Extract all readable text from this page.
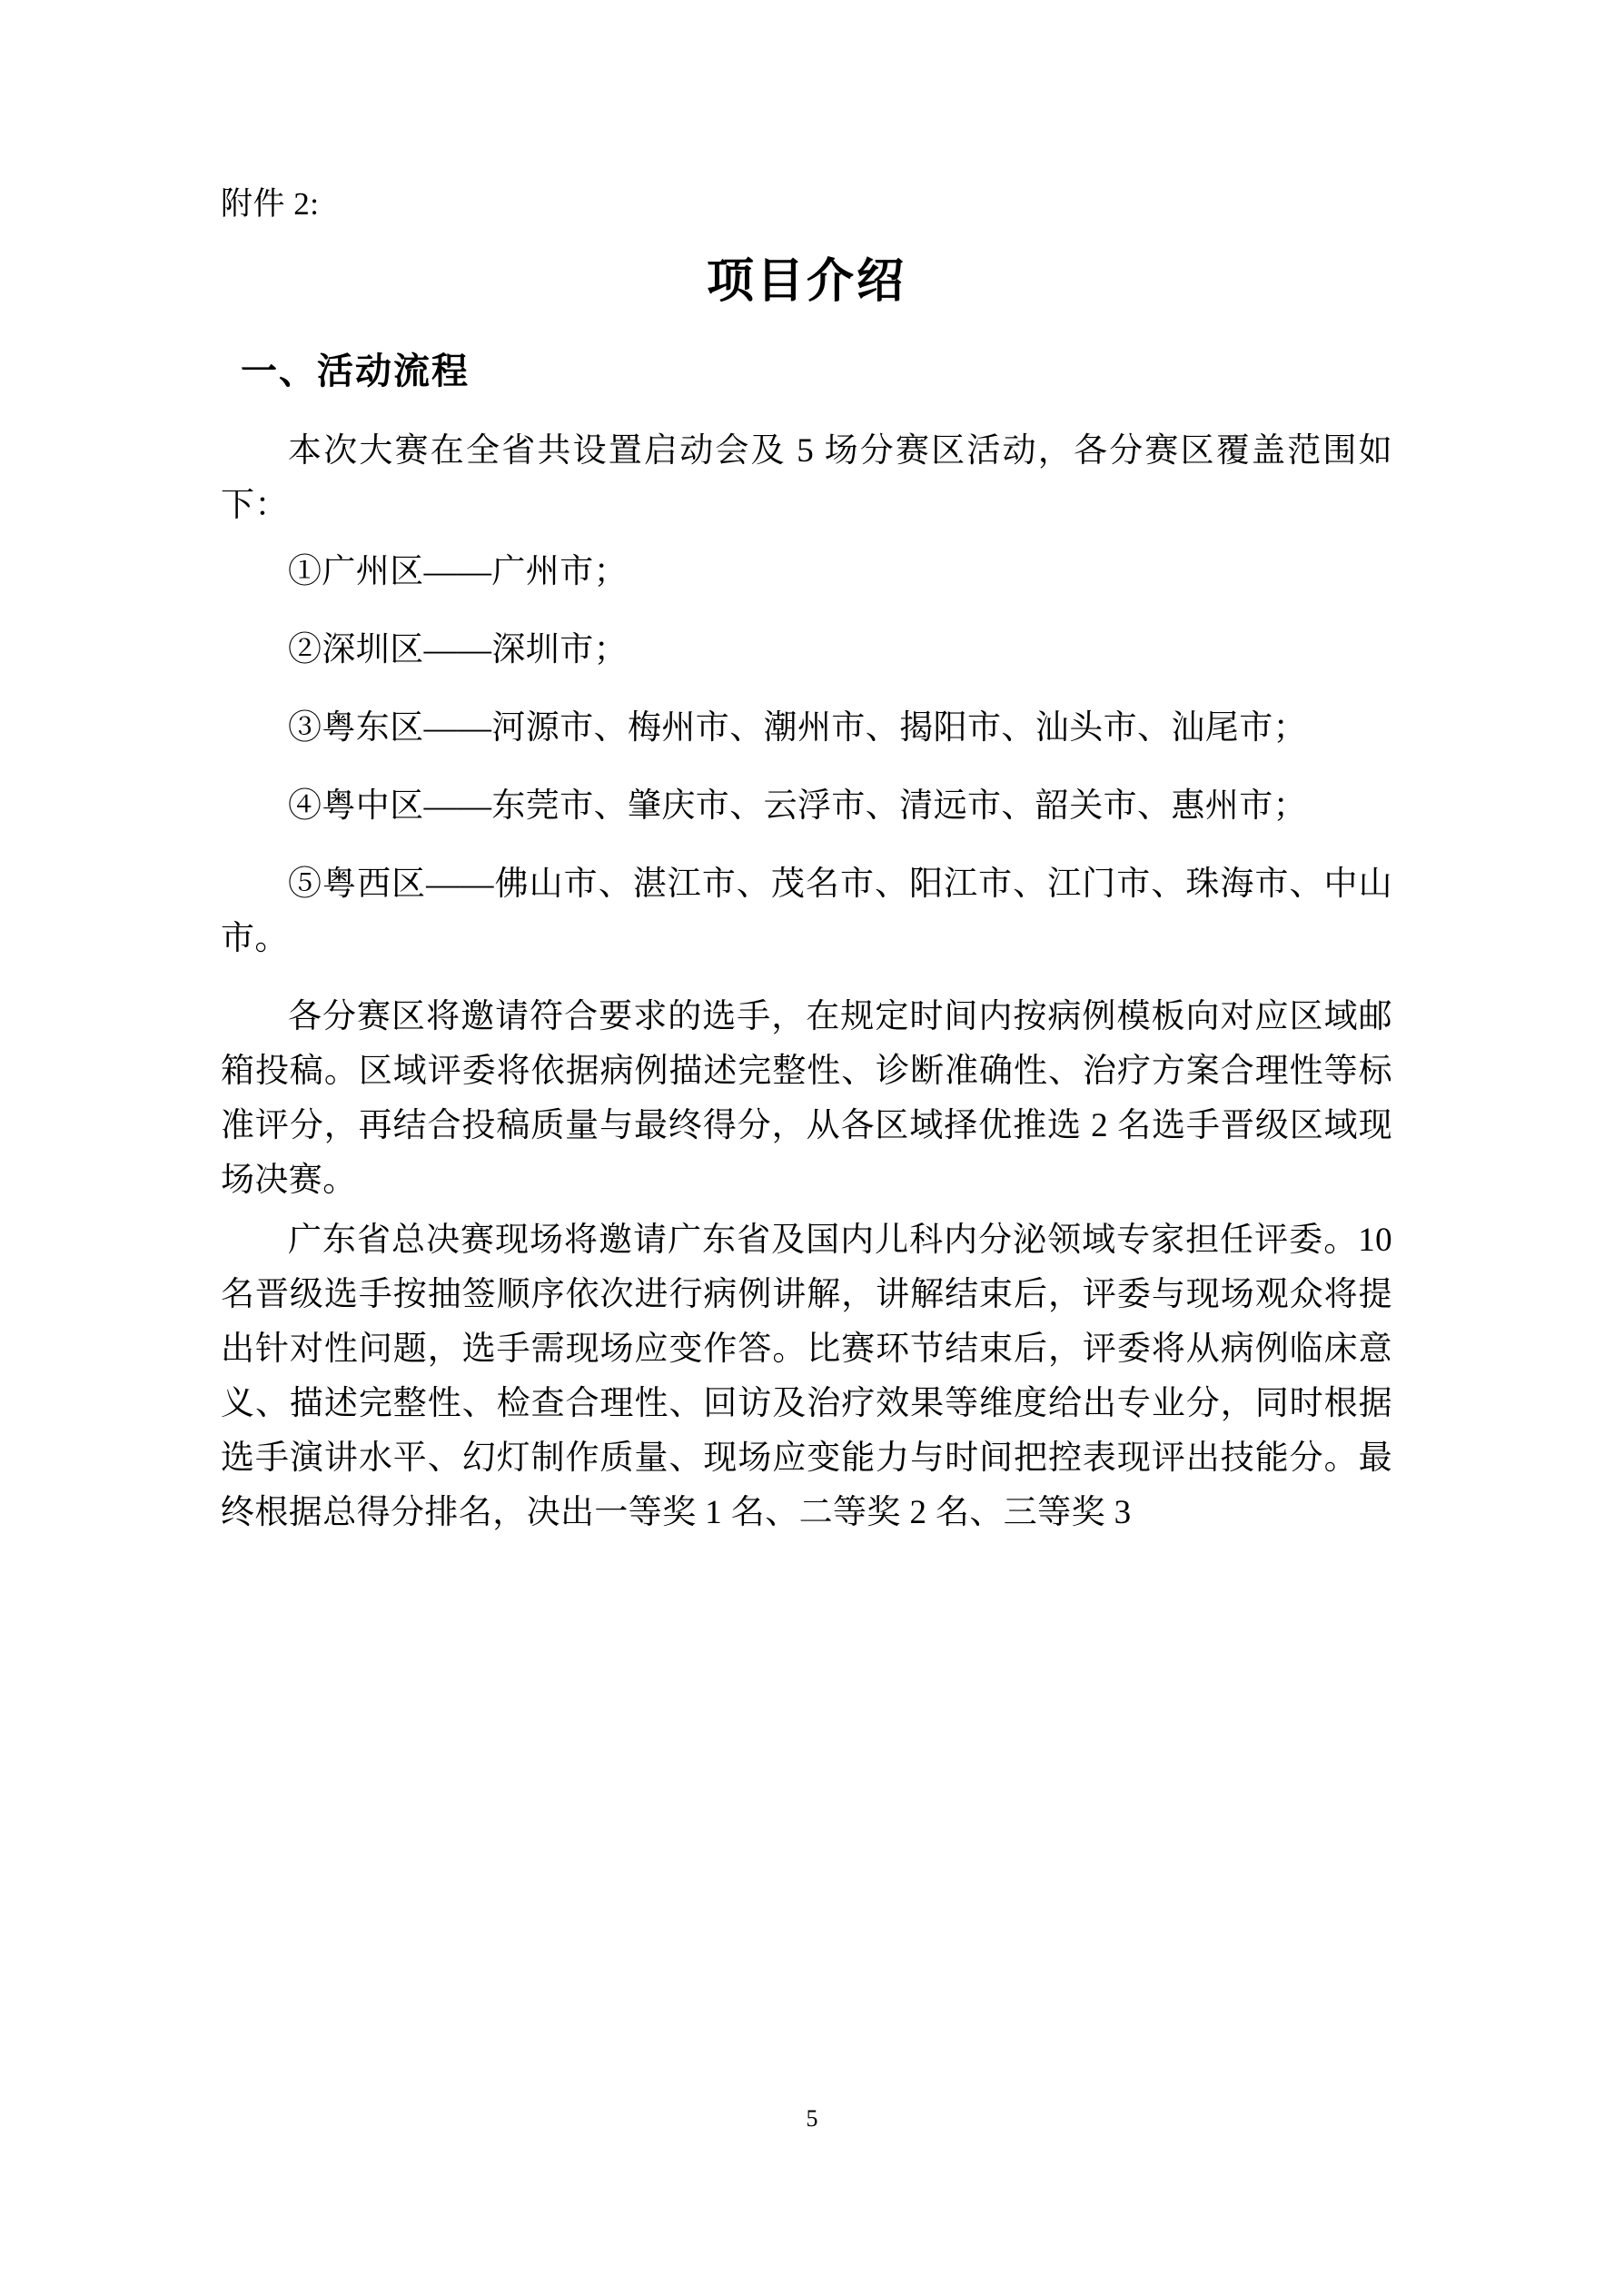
附件 2:

项目介绍
一、活动流程

本次大赛在全省共设置启动会及 5 场分赛区活动，各分赛区覆盖范围如下：

①广州区——广州市；

②深圳区——深圳市；

③粤东区——河源市、梅州市、潮州市、揭阳市、汕头市、汕尾市；

④粤中区——东莞市、肇庆市、云浮市、清远市、韶关市、惠州市；

⑤粤西区——佛山市、湛江市、茂名市、阳江市、江门市、珠海市、中山市。

各分赛区将邀请符合要求的选手，在规定时间内按病例模板向对应区域邮箱投稿。区域评委将依据病例描述完整性、诊断准确性、治疗方案合理性等标准评分，再结合投稿质量与最终得分，从各区域择优推选 2 名选手晋级区域现场决赛。

广东省总决赛现场将邀请广东省及国内儿科内分泌领域专家担任评委。10 名晋级选手按抽签顺序依次进行病例讲解，讲解结束后，评委与现场观众将提出针对性问题，选手需现场应变作答。比赛环节结束后，评委将从病例临床意义、描述完整性、检查合理性、回访及治疗效果等维度给出专业分，同时根据选手演讲水平、幻灯制作质量、现场应变能力与时间把控表现评出技能分。最终根据总得分排名，决出一等奖 1 名、二等奖 2 名、三等奖 3

5
